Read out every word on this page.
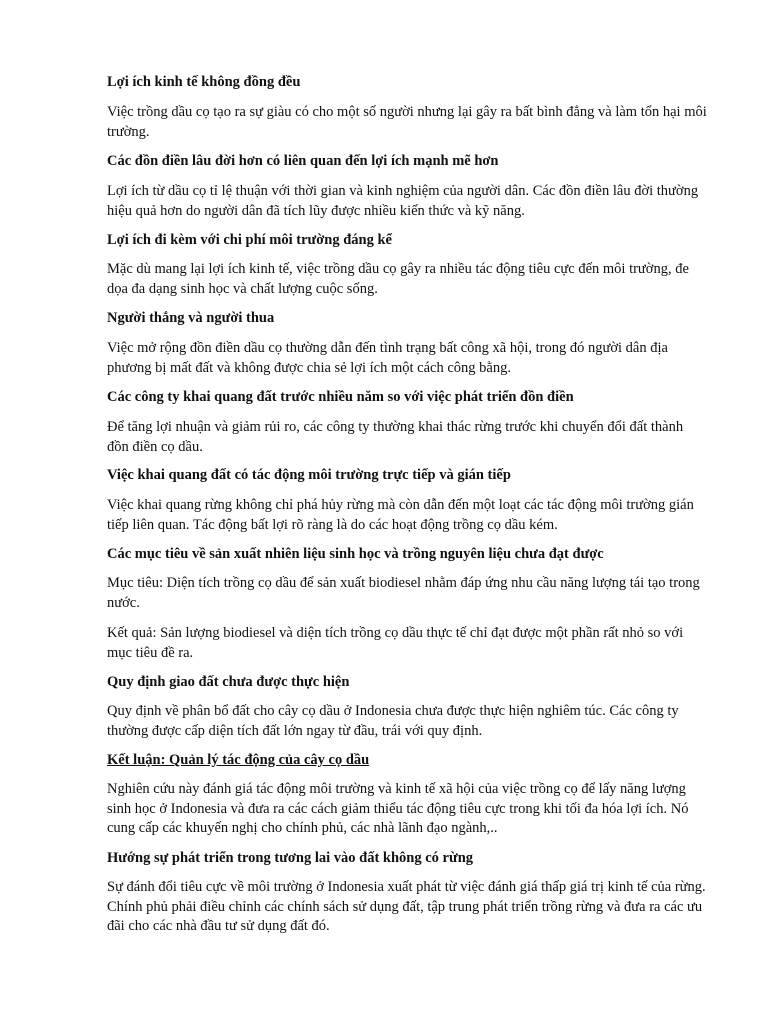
Lợi ích kinh tế không đồng đều

Việc trồng dầu cọ tạo ra sự giàu có cho một số người nhưng lại gây ra bất bình đẳng và làm tổn hại môi trường.

Các đồn điền lâu đời hơn có liên quan đến lợi ích mạnh mẽ hơn

Lợi ích từ dầu cọ tỉ lệ thuận với thời gian và kinh nghiệm của người dân. Các đồn điền lâu đời thường hiệu quả hơn do người dân đã tích lũy được nhiều kiến thức và kỹ năng.

Lợi ích đi kèm với chi phí môi trường đáng kể

Mặc dù mang lại lợi ích kinh tế, việc trồng dầu cọ gây ra nhiều tác động tiêu cực đến môi trường, đe dọa đa dạng sinh học và chất lượng cuộc sống.

Người thắng và người thua

Việc mở rộng đồn điền dầu cọ thường dẫn đến tình trạng bất công xã hội, trong đó người dân địa phương bị mất đất và không được chia sẻ lợi ích một cách công bằng.

Các công ty khai quang đất trước nhiều năm so với việc phát triển đồn điền

Để tăng lợi nhuận và giảm rủi ro, các công ty thường khai thác rừng trước khi chuyển đổi đất thành đồn điền cọ dầu.

Việc khai quang đất có tác động môi trường trực tiếp và gián tiếp

Việc khai quang rừng không chỉ phá hủy rừng mà còn dẫn đến một loạt các tác động môi trường gián tiếp liên quan. Tác động bất lợi rõ ràng là do các hoạt động trồng cọ dầu kém.

Các mục tiêu về sản xuất nhiên liệu sinh học và trồng nguyên liệu chưa đạt được

Mục tiêu: Diện tích trồng cọ dầu để sản xuất biodiesel nhằm đáp ứng nhu cầu năng lượng tái tạo trong nước.

Kết quả: Sản lượng biodiesel và diện tích trồng cọ dầu thực tế chỉ đạt được một phần rất nhỏ so với mục tiêu đề ra.

Quy định giao đất chưa được thực hiện

Quy định về phân bổ đất cho cây cọ dầu ở Indonesia chưa được thực hiện nghiêm túc. Các công ty thường được cấp diện tích đất lớn ngay từ đầu, trái với quy định.

Kết luận: Quản lý tác động của cây cọ dầu

Nghiên cứu này đánh giá tác động môi trường và kinh tế xã hội của việc trồng cọ để lấy năng lượng sinh học ở Indonesia và đưa ra các cách giảm thiểu tác động tiêu cực trong khi tối đa hóa lợi ích. Nó cung cấp các khuyến nghị cho chính phủ, các nhà lãnh đạo ngành,..

Hướng sự phát triển trong tương lai vào đất không có rừng

Sự đánh đổi tiêu cực về môi trường ở Indonesia xuất phát từ việc đánh giá thấp giá trị kinh tế của rừng. Chính phủ phải điều chỉnh các chính sách sử dụng đất, tập trung phát triển trồng rừng và đưa ra các ưu đãi cho các nhà đầu tư sử dụng đất đó.
